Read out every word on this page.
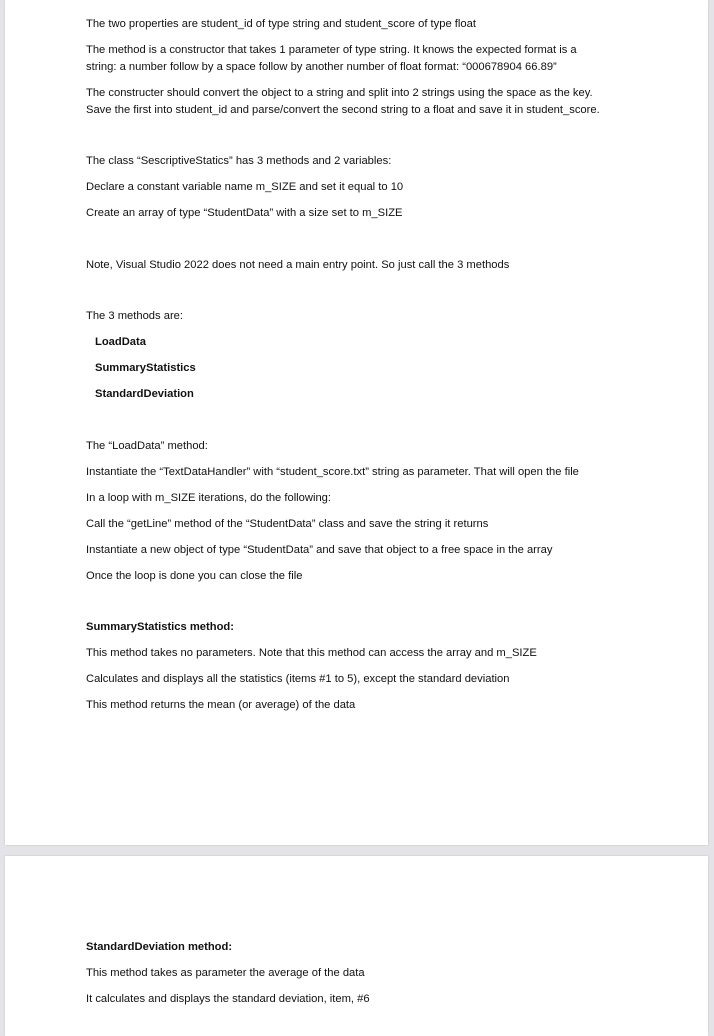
The two properties are student_id of type string and student_score of type float

The method is a constructor that takes 1 parameter of type string. It knows the expected format is a

string: a number follow by a space follow by another number of float format: “000678904 66.89”

The constructer should convert the object to a string and split into 2 strings using the space as the key.

Save the first into student_id and parse/convert the second string to a float and save it in student_score.

The class “SescriptiveStatics” has 3 methods and 2 variables:

Declare a constant variable name m_SIZE and set it equal to 10

Create an array of type “StudentData” with a size set to m_SIZE

Note, Visual Studio 2022 does not need a main entry point. So just call the 3 methods

The 3 methods are:

LoadData

SummaryStatistics

StandardDeviation

The “LoadData” method:

Instantiate the “TextDataHandler” with “student_score.txt” string as parameter. That will open the file

In a loop with m_SIZE iterations, do the following:

Call the “getLine” method of the “StudentData” class and save the string it returns

Instantiate a new object of type “StudentData” and save that object to a free space in the array

Once the loop is done you can close the file

SummaryStatistics method:

This method takes no parameters. Note that this method can access the array and m_SIZE

Calculates and displays all the statistics (items #1 to 5), except the standard deviation

This method returns the mean (or average) of the data

StandardDeviation method:

This method takes as parameter the average of the data

It calculates and displays the standard deviation, item, #6
